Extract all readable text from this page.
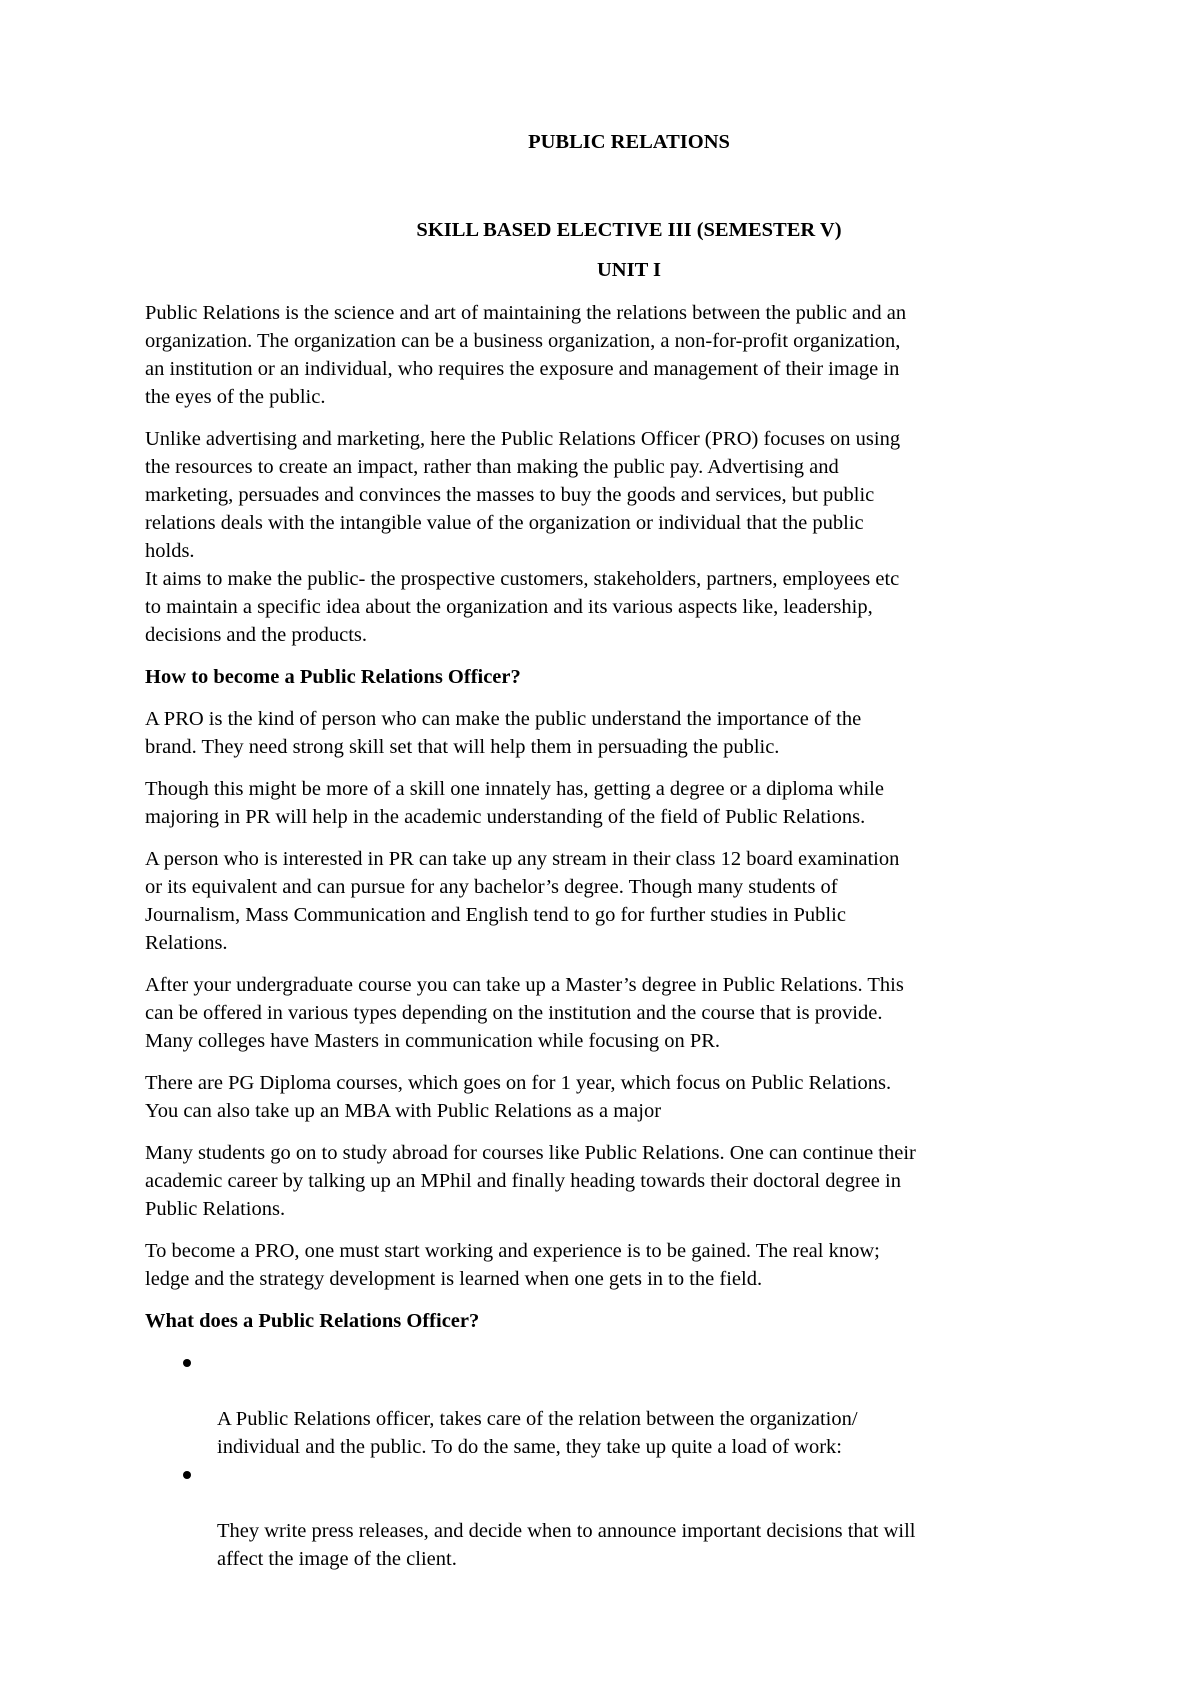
PUBLIC RELATIONS
SKILL BASED ELECTIVE III (SEMESTER V)
UNIT I

Public Relations is the science and art of maintaining the relations between the public and an
organization. The organization can be a business organization, a non-for-profit organization,
an institution or an individual, who requires the exposure and management of their image in
the eyes of the public.

Unlike advertising and marketing, here the Public Relations Officer (PRO) focuses on using
the resources to create an impact, rather than making the public pay. Advertising and
marketing, persuades and convinces the masses to buy the goods and services, but public
relations deals with the intangible value of the organization or individual that the public
holds.

It aims to make the public- the prospective customers, stakeholders, partners, employees etc
to maintain a specific idea about the organization and its various aspects like, leadership,
decisions and the products.

How to become a Public Relations Officer?

A PRO is the kind of person who can make the public understand the importance of the
brand. They need strong skill set that will help them in persuading the public.

Though this might be more of a skill one innately has, getting a degree or a diploma while
majoring in PR will help in the academic understanding of the field of Public Relations.

A person who is interested in PR can take up any stream in their class 12 board examination
or its equivalent and can pursue for any bachelor’s degree. Though many students of
Journalism, Mass Communication and English tend to go for further studies in Public
Relations.

After your undergraduate course you can take up a Master’s degree in Public Relations. This
can be offered in various types depending on the institution and the course that is provide.
Many colleges have Masters in communication while focusing on PR.

There are PG Diploma courses, which goes on for 1 year, which focus on Public Relations.
You can also take up an MBA with Public Relations as a major

Many students go on to study abroad for courses like Public Relations. One can continue their
academic career by talking up an MPhil and finally heading towards their doctoral degree in
Public Relations.

To become a PRO, one must start working and experience is to be gained. The real know;
ledge and the strategy development is learned when one gets in to the field.

What does a Public Relations Officer?

A Public Relations officer, takes care of the relation between the organization/
individual and the public. To do the same, they take up quite a load of work:

They write press releases, and decide when to announce important decisions that will
affect the image of the client.
